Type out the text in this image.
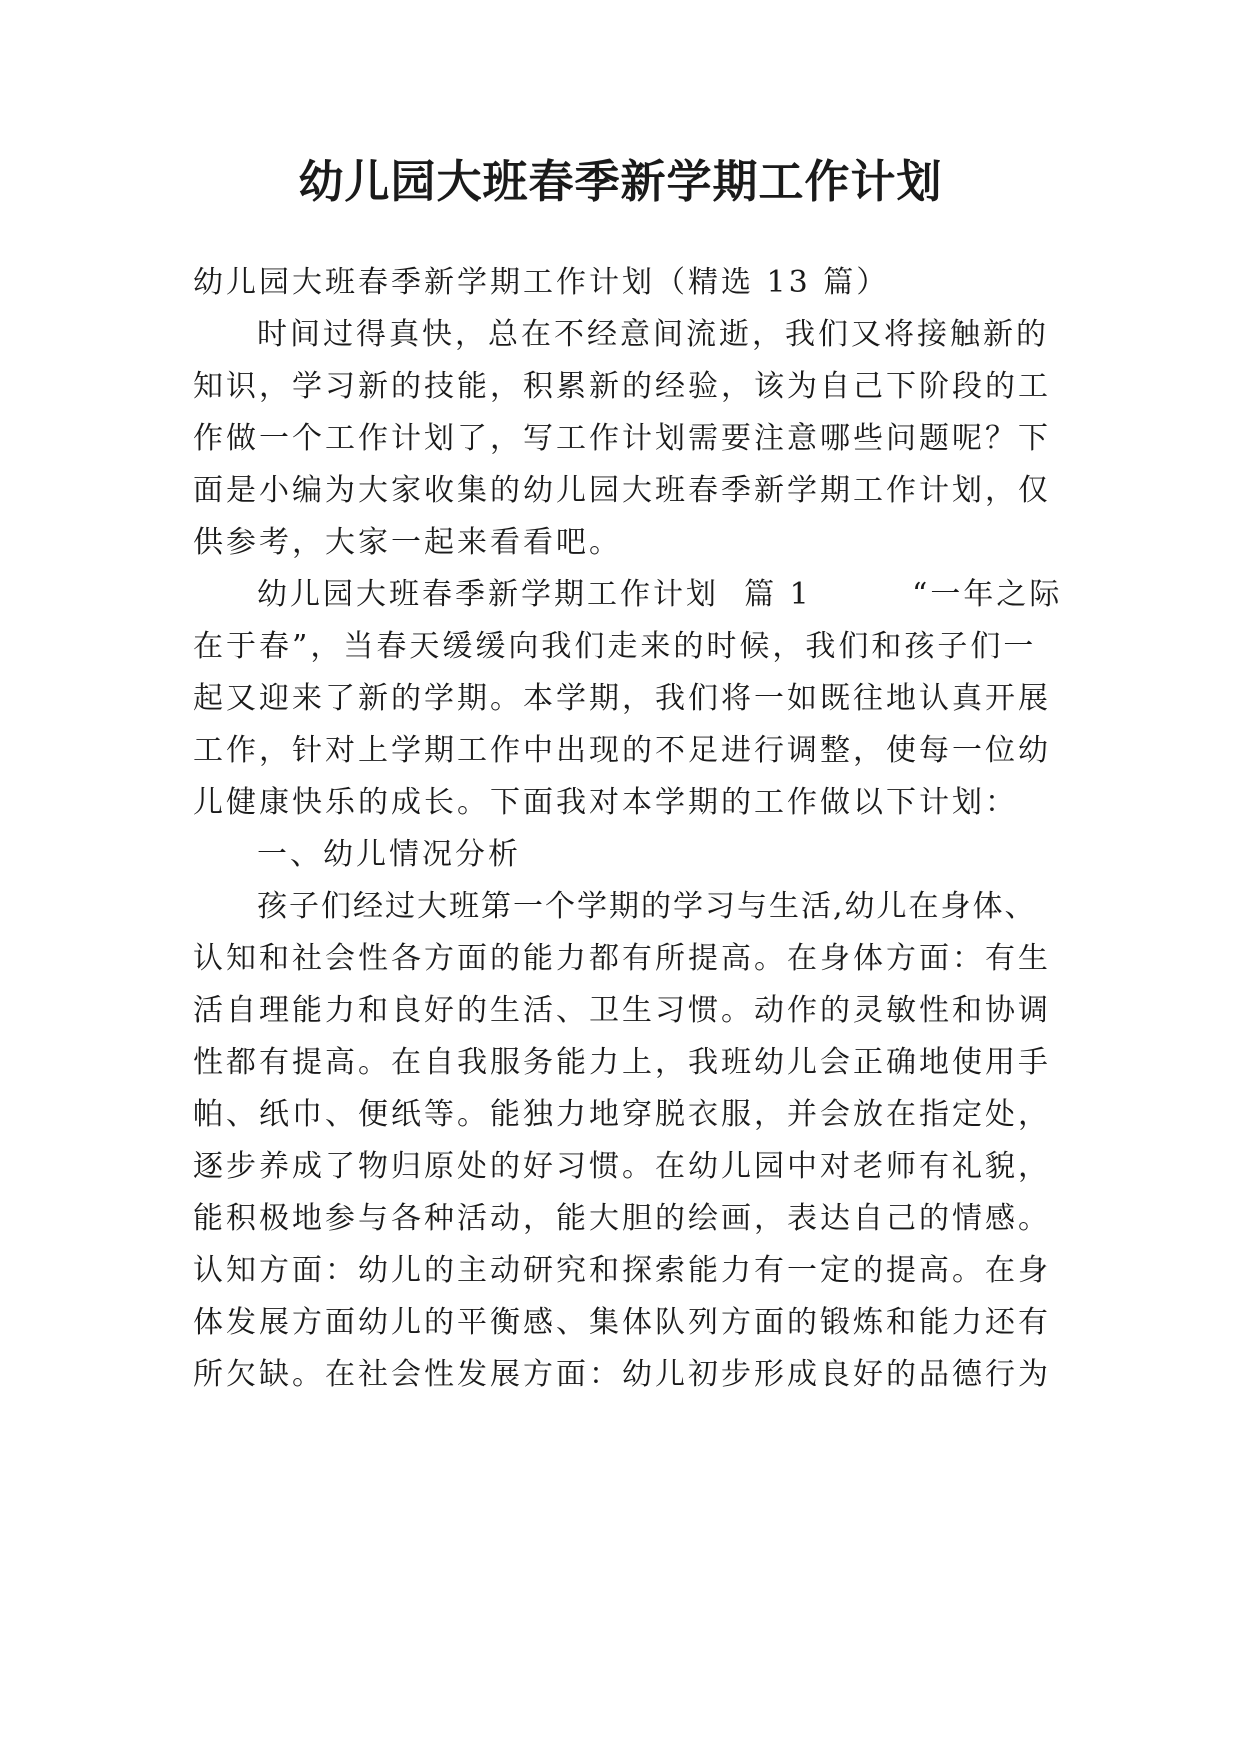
幼儿园大班春季新学期工作计划

幼儿园大班春季新学期工作计划（精选 13 篇）

时间过得真快，总在不经意间流逝，我们又将接触新的

知识，学习新的技能，积累新的经验，该为自己下阶段的工

作做一个工作计划了，写工作计划需要注意哪些问题呢？下

面是小编为大家收集的幼儿园大班春季新学期工作计划，仅

供参考，大家一起来看看吧。

幼儿园大班春季新学期工作计划  篇 1        “一年之际

在于春”，当春天缓缓向我们走来的时候，我们和孩子们一

起又迎来了新的学期。本学期，我们将一如既往地认真开展

工作，针对上学期工作中出现的不足进行调整，使每一位幼

儿健康快乐的成长。下面我对本学期的工作做以下计划：

一、幼儿情况分析

孩子们经过大班第一个学期的学习与生活,幼儿在身体、

认知和社会性各方面的能力都有所提高。在身体方面：有生

活自理能力和良好的生活、卫生习惯。动作的灵敏性和协调

性都有提高。在自我服务能力上，我班幼儿会正确地使用手

帕、纸巾、便纸等。能独力地穿脱衣服，并会放在指定处，

逐步养成了物归原处的好习惯。在幼儿园中对老师有礼貌，

能积极地参与各种活动，能大胆的绘画，表达自己的情感。

认知方面：幼儿的主动研究和探索能力有一定的提高。在身

体发展方面幼儿的平衡感、集体队列方面的锻炼和能力还有

所欠缺。在社会性发展方面：幼儿初步形成良好的品德行为
